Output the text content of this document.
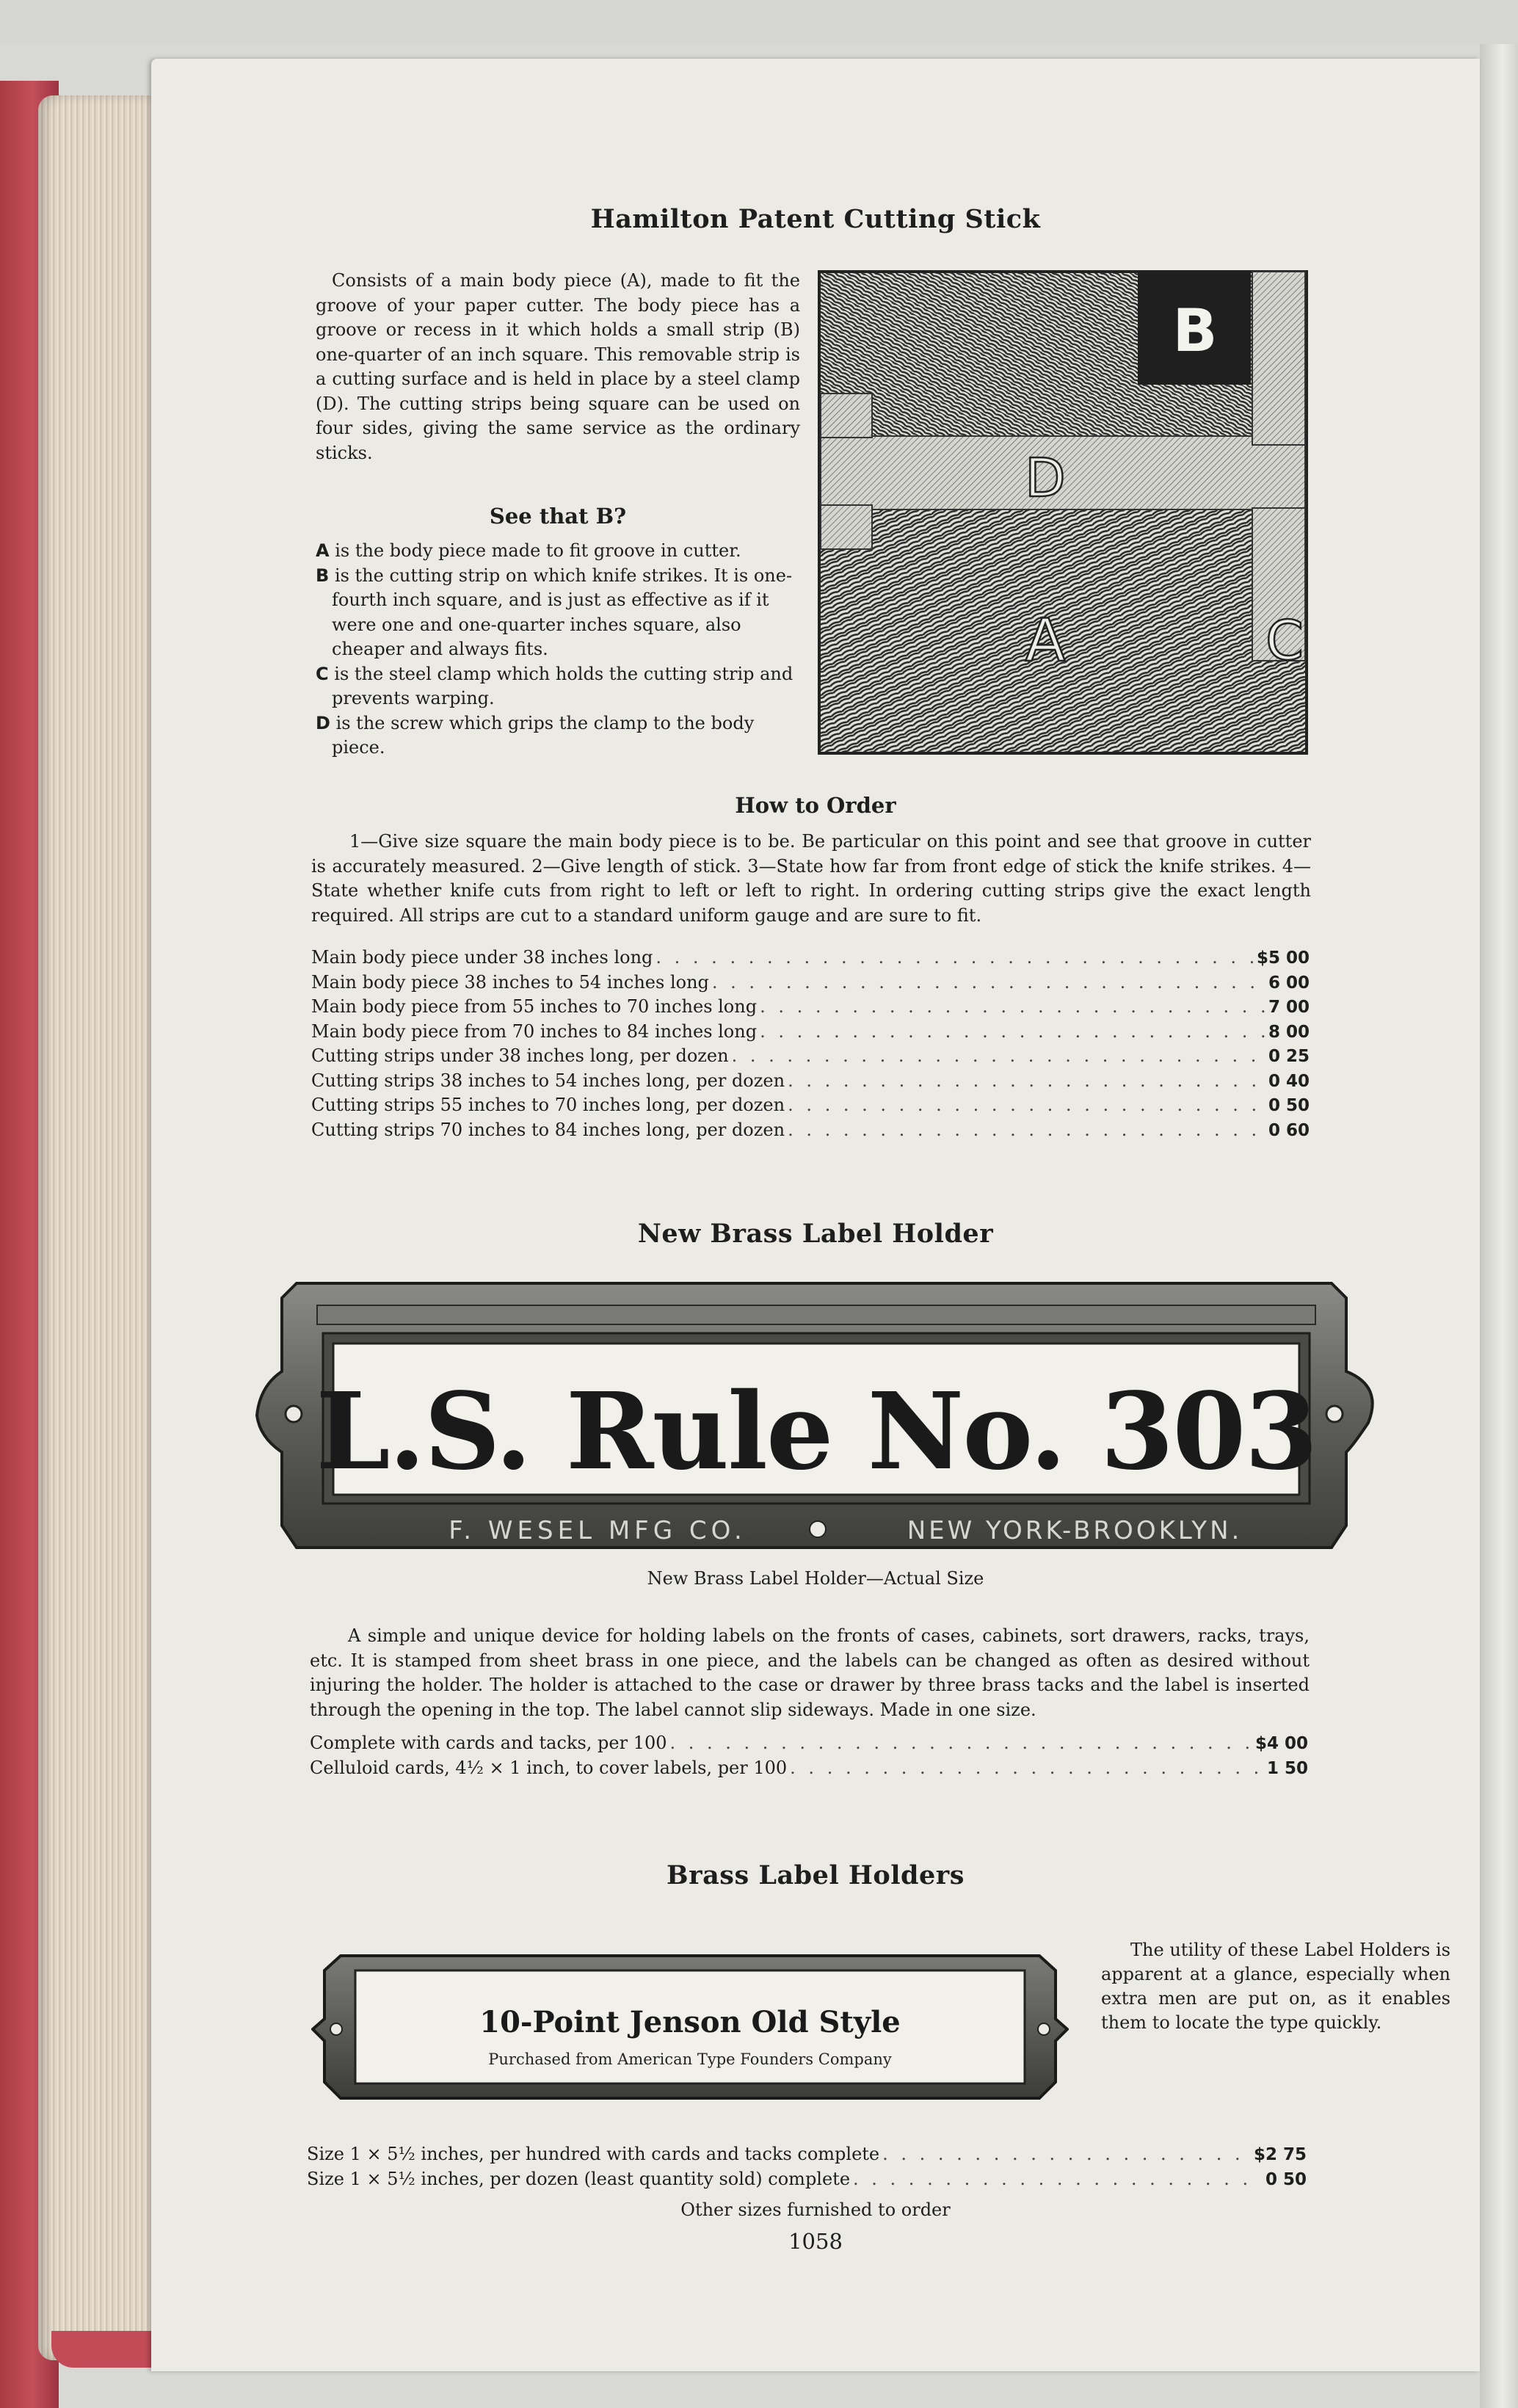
Hamilton Patent Cutting Stick

Consists of a main body piece (A), made to fit the groove of your paper cutter. The body piece has a groove or recess in it which holds a small strip (B) one-quarter of an inch square. This removable strip is a cutting surface and is held in place by a steel clamp (D). The cutting strips being square can be used on four sides, giving the same service as the ordinary sticks.

See that B?

A is the body piece made to fit groove in cutter.

B is the cutting strip on which knife strikes. It is one-fourth inch square, and is just as effective as if it were one and one-quarter inches square, also cheaper and always fits.

C is the steel clamp which holds the cutting strip and prevents warping.

D is the screw which grips the clamp to the body piece.

B
D
A	C
How to Order
1—Give size square the main body piece is to be. Be particular on this point and see that groove in cutter is accurately measured. 2—Give length of stick. 3—State how far from front edge of stick the knife strikes. 4—State whether knife cuts from right to left or left to right. In ordering cutting strips give the exact length required. All strips are cut to a standard uniform gauge and are sure to fit.
Main body piece under 38 inches long . . .	$5 00
Main body piece 38 inches to 54 inches long . . .	6 00
Main body piece from 55 inches to 70 inches long . . .	7 00
Main body piece from 70 inches to 84 inches long . . .	8 00
Cutting strips under 38 inches long, per dozen . . .	0 25
Cutting strips 38 inches to 54 inches long, per dozen . . .	0 40
Cutting strips 55 inches to 70 inches long, per dozen . . .	0 50
Cutting strips 70 inches to 84 inches long, per dozen . . .	0 60
New Brass Label Holder
L.S. Rule No. 303
F. WESEL MFG CO.	NEW YORK-BROOKLYN.
New Brass Label Holder—Actual Size
A simple and unique device for holding labels on the fronts of cases, cabinets, sort drawers, racks, trays, etc. It is stamped from sheet brass in one piece, and the labels can be changed as often as desired without injuring the holder. The holder is attached to the case or drawer by three brass tacks and the label is inserted through the opening in the top. The label cannot slip sideways. Made in one size.
Complete with cards and tacks, per 100 . . .	$4 00
Celluloid cards, 4½ × 1 inch, to cover labels, per 100 . . .	1 50
Brass Label Holders
10-Point Jenson Old Style
Purchased from American Type Founders Company

The utility of these Label Holders is apparent at a glance, especially when extra men are put on, as it enables them to locate the type quickly.

Size 1 × 5½ inches, per hundred with cards and tacks complete . . .	$2 75
Size 1 × 5½ inches, per dozen (least quantity sold) complete . . .	0 50
Other sizes furnished to order
1058
